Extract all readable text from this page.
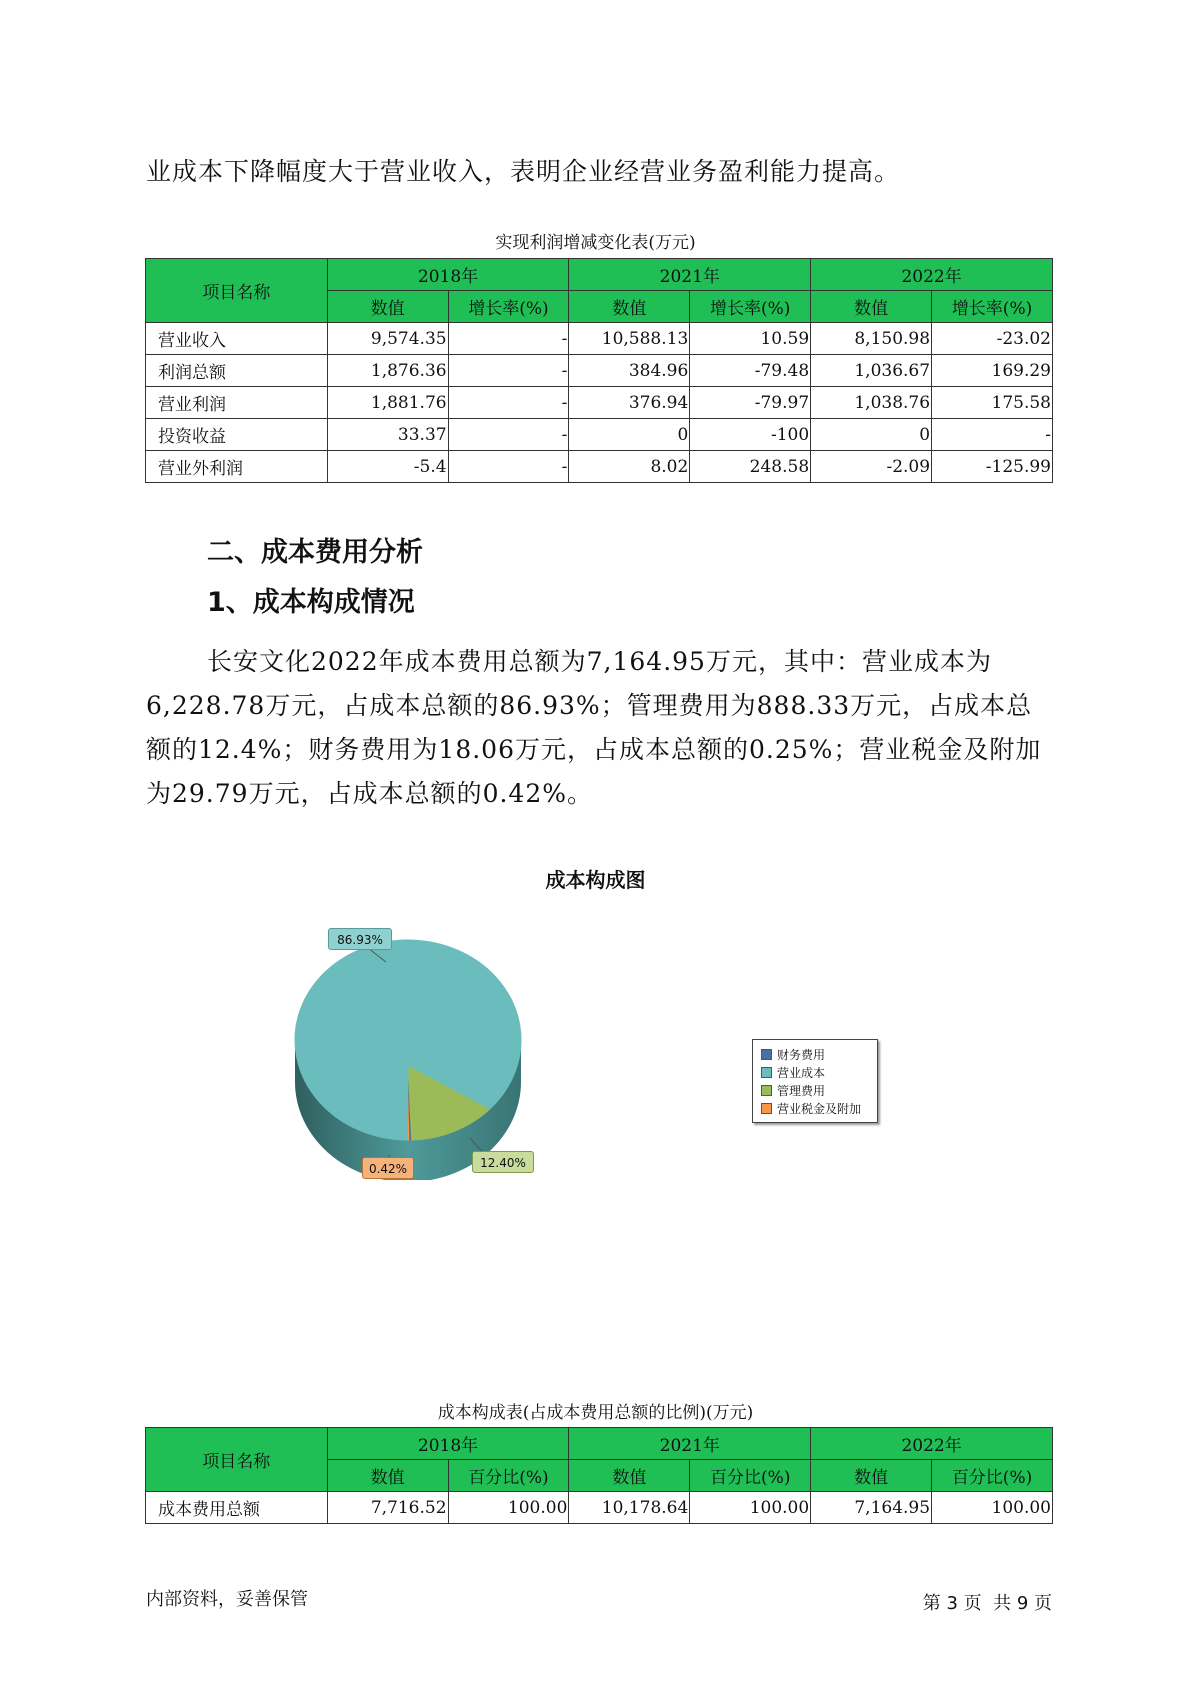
业成本下降幅度大于营业收入，表明企业经营业务盈利能力提高。
实现利润增减变化表(万元)
项目名称	2018年		2021年		2022年	
	数值	增长率(%)	数值	增长率(%)	数值	增长率(%)
营业收入	9,574.35	-	10,588.13	10.59	8,150.98	-23.02
利润总额	1,876.36	-	384.96	-79.48	1,036.67	169.29
营业利润	1,881.76	-	376.94	-79.97	1,038.76	175.58
投资收益	33.37	-	0	-100	0	-
营业外利润	-5.4	-	8.02	248.58	-2.09	-125.99
二、成本费用分析
1、成本构成情况
长安文化2022年成本费用总额为7,164.95万元，其中：营业成本为
6,228.78万元，占成本总额的86.93%；管理费用为888.33万元，占成本总
额的12.4%；财务费用为18.06万元，占成本总额的0.25%；营业税金及附加
为29.79万元，占成本总额的0.42%。
成本构成图
86.93%
12.40%
0.42%
财务费用
营业成本
管理费用
营业税金及附加
成本构成表(占成本费用总额的比例)(万元)
项目名称	2018年		2021年		2022年	
	数值	百分比(%)	数值	百分比(%)	数值	百分比(%)
成本费用总额	7,716.52	100.00	10,178.64	100.00	7,164.95	100.00
内部资料，妥善保管	第 3 页  共 9 页
